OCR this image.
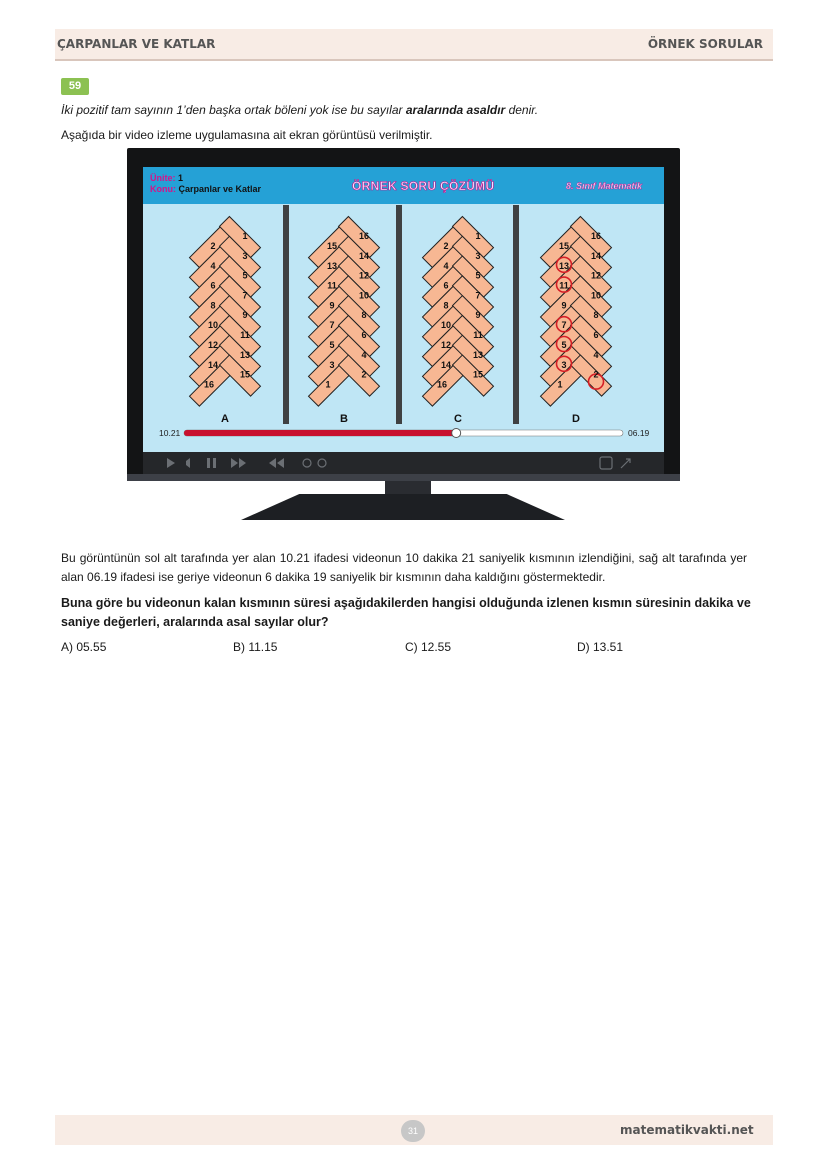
ÇARPANLAR VE KATLAR	ÖRNEK SORULAR
59

İki pozitif tam sayının 1’den başka ortak böleni yok ise bu sayılar aralarında asaldır denir.

Aşağıda bir video izleme uygulamasına ait ekran görüntüsü verilmiştir.

Ünite: 1
Konu: Çarpanlar ve Katlar	ÖRNEK SORU ÇÖZÜMÜ	8. Sınıf Matematik
2
1
4
3
6
5
8
7
10
9
12
11
14
13
16
15
A
15
16
13
14
11
12
9
10
7
8
5
6
3
4
1
2
B
2
1
4
3
6
5
8
7
10
9
12
11
14
13
16
15
C
15
16
13
14
11
12
9
10
7
8
5
6
3
4
1
2
D
10.21	06.19

Bu görüntünün sol alt tarafında yer alan 10.21 ifadesi videonun 10 dakika 21 saniyelik kısmının izlendiğini, sağ alt tarafında yer alan 06.19 ifadesi ise geriye videonun 6 dakika 19 saniyelik bir kısmının daha kaldığını göstermektedir.

Buna göre bu videonun kalan kısmının süresi aşağıdakilerden hangisi olduğunda izlenen kısmın süresinin dakika ve saniye değerleri, aralarında asal sayılar olur?

A) 05.55	B) 11.15	C) 12.55	D) 13.51
31	matematikvakti.net
